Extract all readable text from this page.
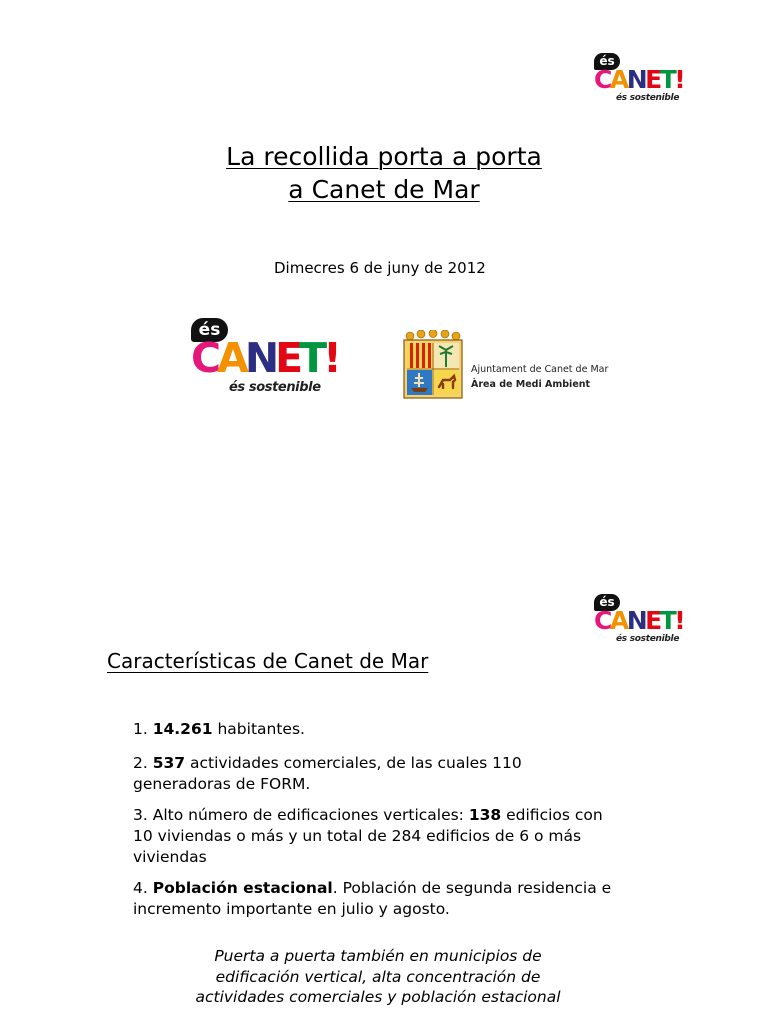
és
CANET!
és sostenible
La recollida porta a porta
a Canet de Mar
Dimecres 6 de juny de 2012
és
CANET!
és sostenible
Ajuntament de Canet de Mar
Àrea de Medi Ambient
és
CANET!
és sostenible
Características de Canet de Mar
1. 14.261 habitantes.
2. 537 actividades comerciales, de las cuales 110 generadoras de FORM.
3. Alto número de edificaciones verticales: 138 edificios con 10 viviendas o más y un total de 284 edificios de 6 o más viviendas
4. Población estacional. Población de segunda residencia e incremento importante en julio y agosto.
Puerta a puerta también en municipios de
edificación vertical, alta concentración de
actividades comerciales y población estacional
